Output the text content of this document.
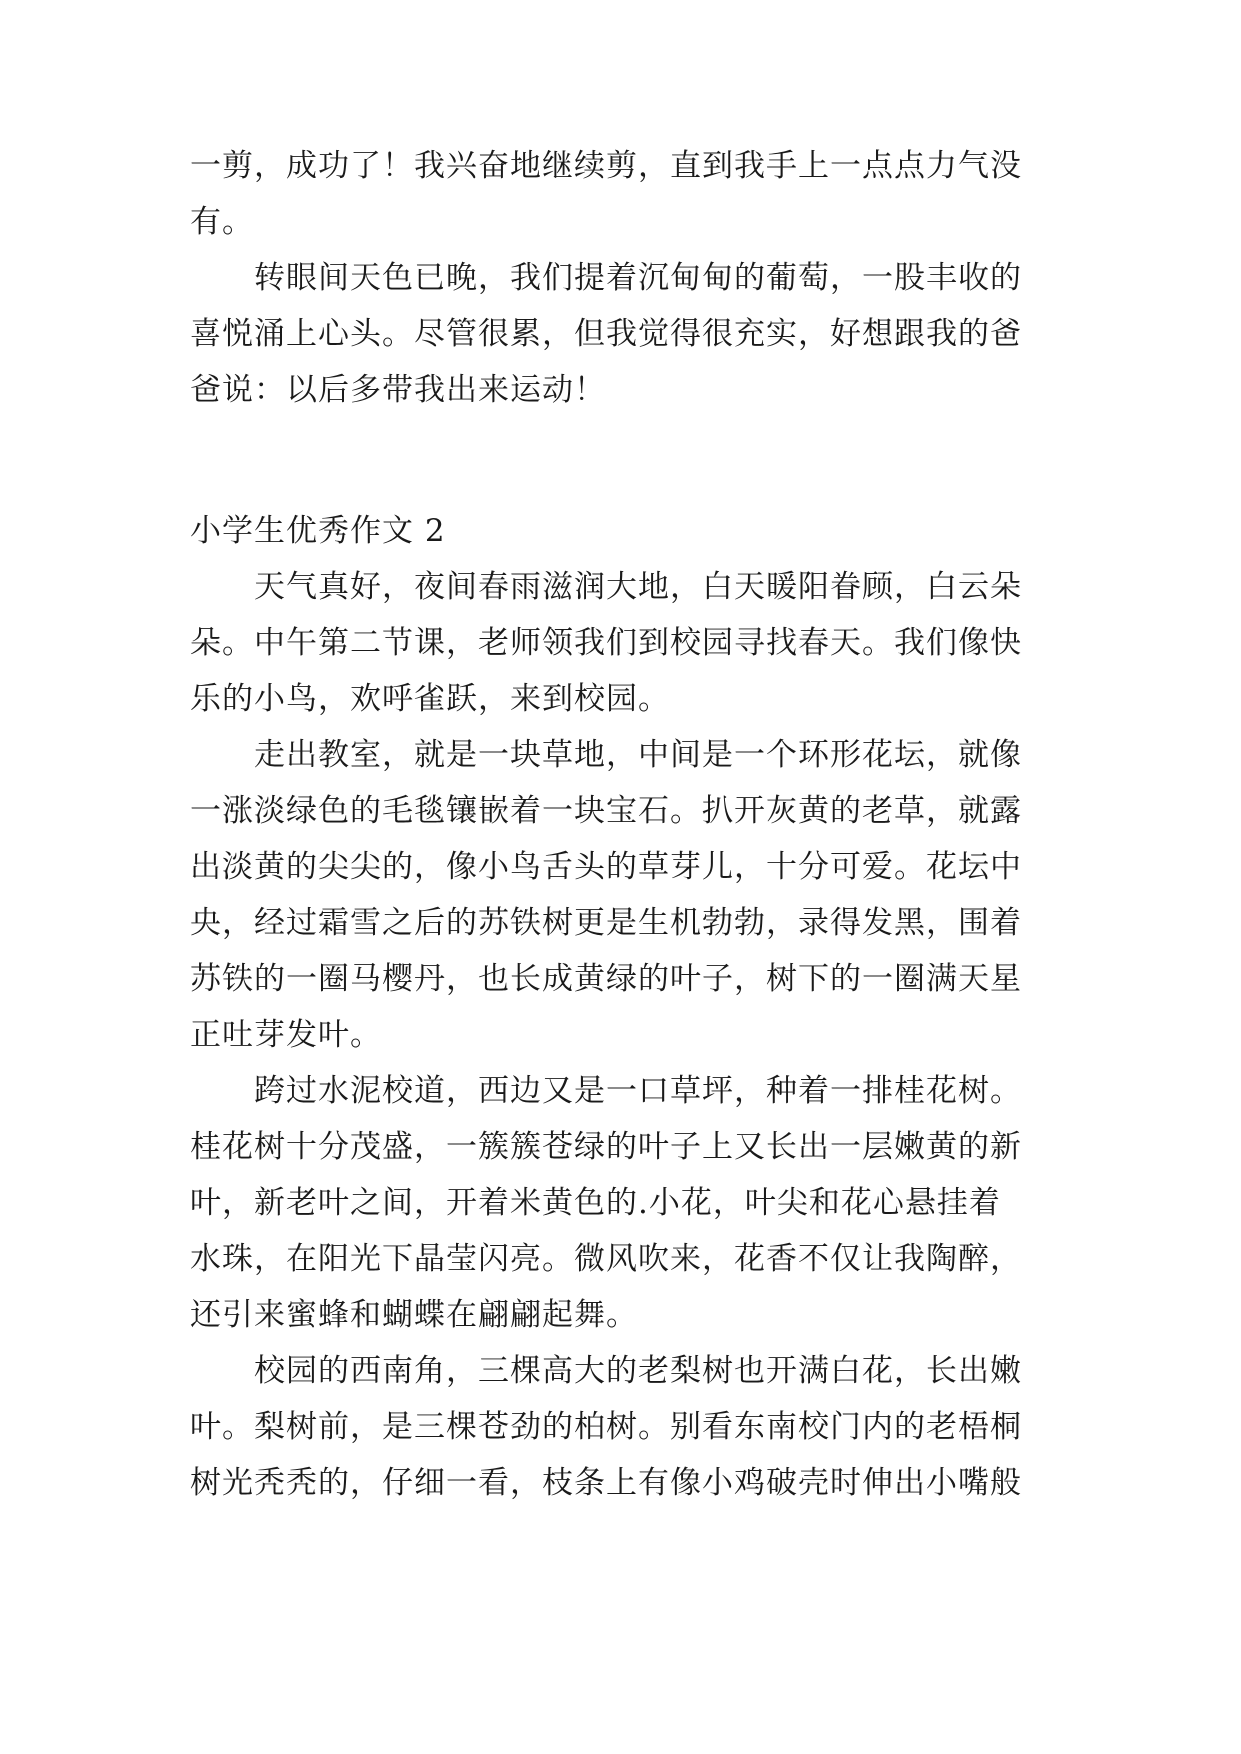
一剪，成功了！我兴奋地继续剪，直到我手上一点点力气没
有。
转眼间天色已晚，我们提着沉甸甸的葡萄，一股丰收的
喜悦涌上心头。尽管很累，但我觉得很充实，好想跟我的爸
爸说：以后多带我出来运动！
小学生优秀作文 2
天气真好，夜间春雨滋润大地，白天暖阳眷顾，白云朵
朵。中午第二节课，老师领我们到校园寻找春天。我们像快
乐的小鸟，欢呼雀跃，来到校园。
走出教室，就是一块草地，中间是一个环形花坛，就像
一涨淡绿色的毛毯镶嵌着一块宝石。扒开灰黄的老草，就露
出淡黄的尖尖的，像小鸟舌头的草芽儿，十分可爱。花坛中
央，经过霜雪之后的苏铁树更是生机勃勃，录得发黑，围着
苏铁的一圈马樱丹，也长成黄绿的叶子，树下的一圈满天星
正吐芽发叶。
跨过水泥校道，西边又是一口草坪，种着一排桂花树。
桂花树十分茂盛，一簇簇苍绿的叶子上又长出一层嫩黄的新
叶，新老叶之间，开着米黄色的.小花，叶尖和花心悬挂着
水珠，在阳光下晶莹闪亮。微风吹来，花香不仅让我陶醉，
还引来蜜蜂和蝴蝶在翩翩起舞。
校园的西南角，三棵高大的老梨树也开满白花，长出嫩
叶。梨树前，是三棵苍劲的柏树。别看东南校门内的老梧桐
树光秃秃的，仔细一看，枝条上有像小鸡破壳时伸出小嘴般
